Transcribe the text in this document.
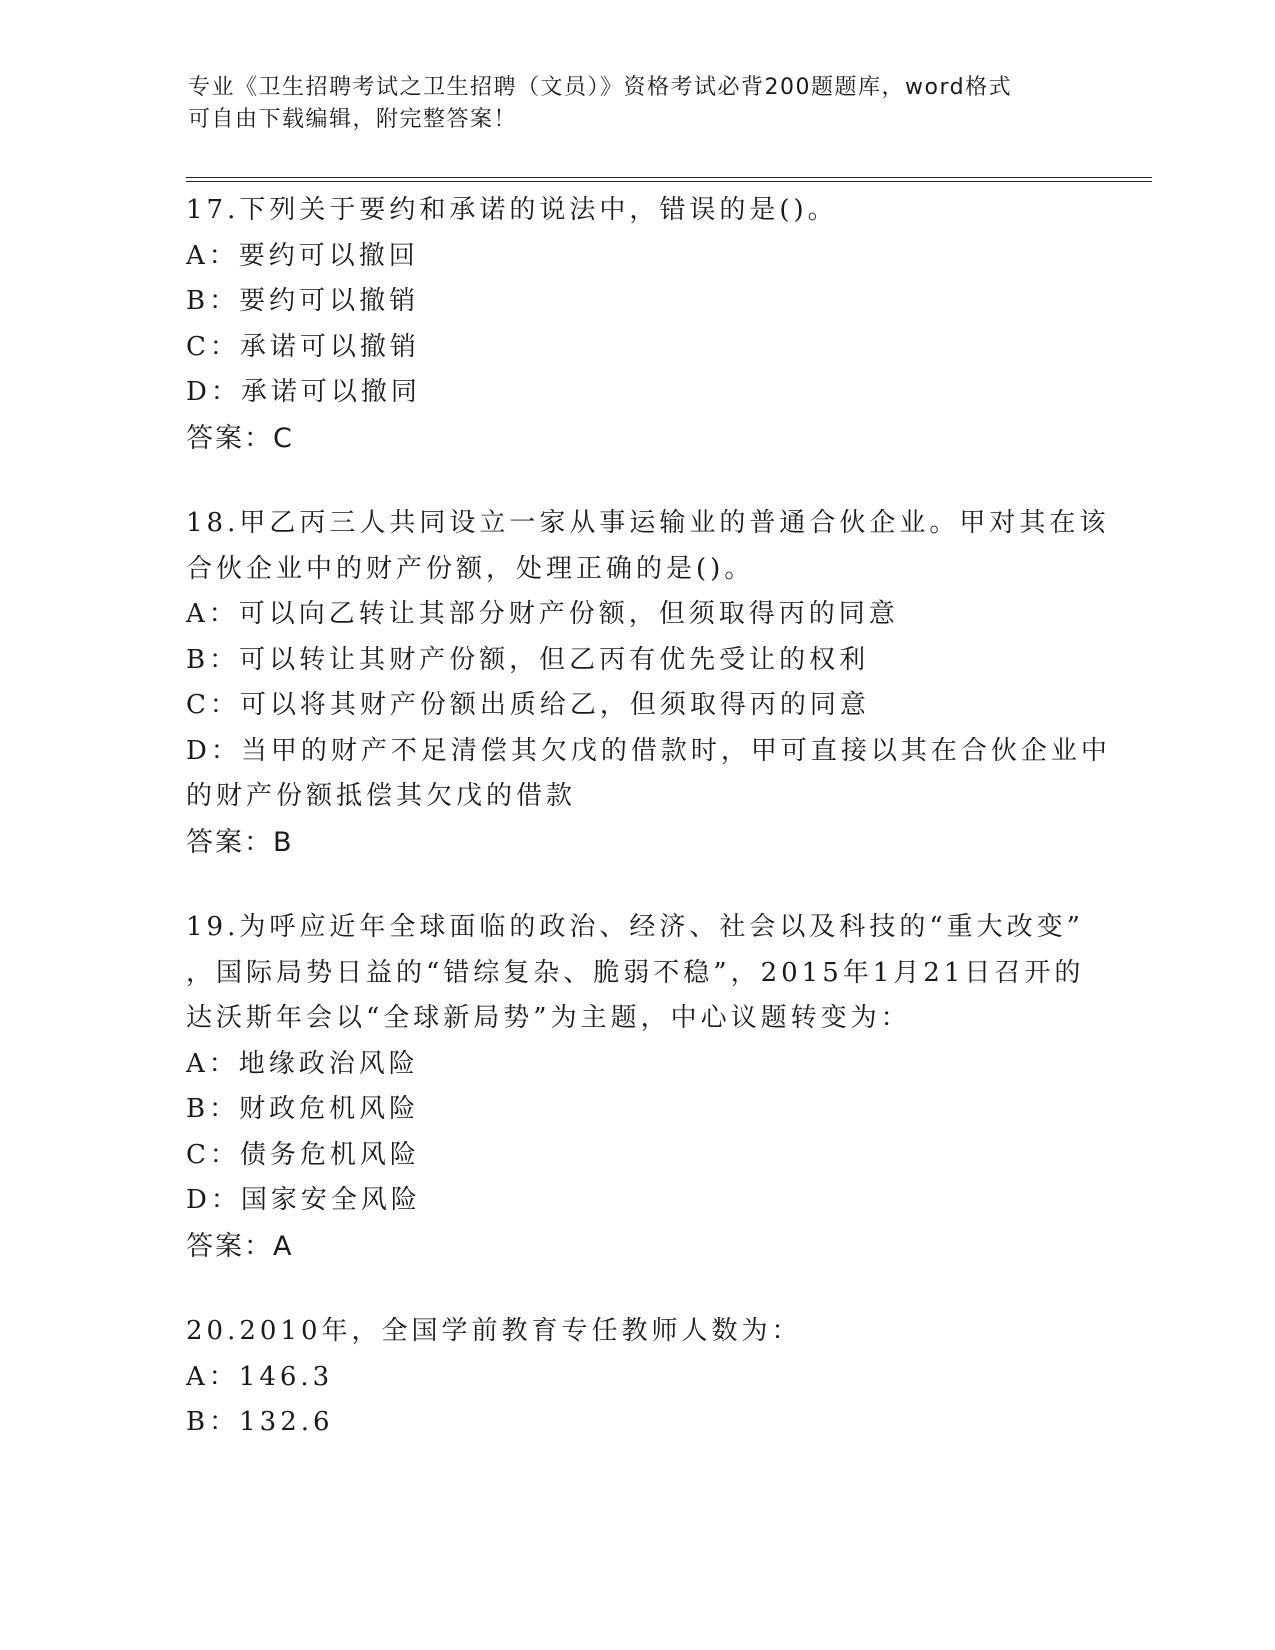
专业《卫生招聘考试之卫生招聘（文员）》资格考试必背200题题库，word格式
可自由下载编辑，附完整答案！
17.下列关于要约和承诺的说法中，错误的是()。
A：要约可以撤回
B：要约可以撤销
C：承诺可以撤销
D：承诺可以撤同
答案：C
18.甲乙丙三人共同设立一家从事运输业的普通合伙企业。甲对其在该
合伙企业中的财产份额，处理正确的是()。
A：可以向乙转让其部分财产份额，但须取得丙的同意
B：可以转让其财产份额，但乙丙有优先受让的权利
C：可以将其财产份额出质给乙，但须取得丙的同意
D：当甲的财产不足清偿其欠戊的借款时，甲可直接以其在合伙企业中
的财产份额抵偿其欠戊的借款
答案：B
19.为呼应近年全球面临的政治、经济、社会以及科技的“重大改变”
，国际局势日益的“错综复杂、脆弱不稳”，2015年1月21日召开的
达沃斯年会以“全球新局势”为主题，中心议题转变为：
A：地缘政治风险
B：财政危机风险
C：债务危机风险
D：国家安全风险
答案：A
20.2010年，全国学前教育专任教师人数为：
A：146.3
B：132.6
